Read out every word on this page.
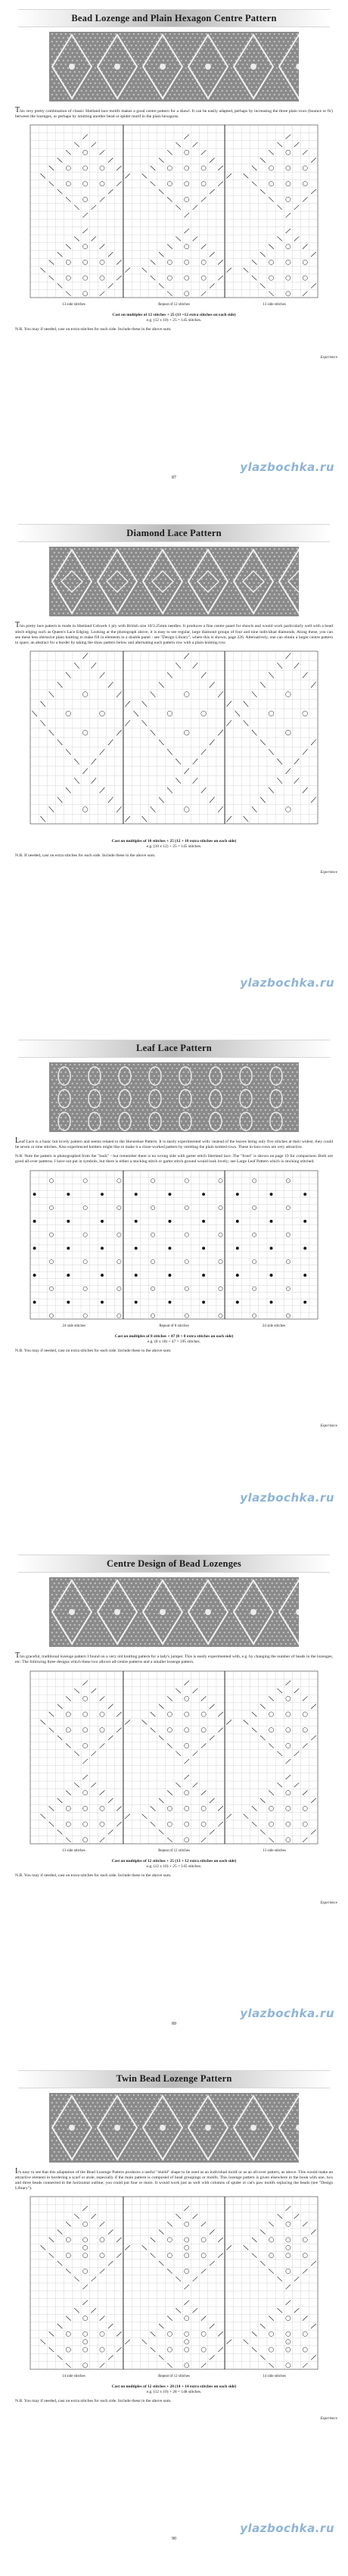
Bead Lozenge and Plain Hexagon Centre Pattern

This very pretty combination of classic Shetland lace motifs makes a good centre pattern for a shawl. It can be easily adapted, perhaps by increasing the three plain rows (bounce or fir) between the lozenges, or perhaps by omitting another bead or spider motif in the plain hexagons.

13 side stitches	Repeat of 12 stitches	13 side stitches
Cast on multiples of 12 stitches + 25 (13 +12 extra stitches on each side)
e.g. (12 x 10) + 25 = 145 stitches.

N.B. You may if needed, cast on extra stitches for each side. Include these in the above sum.

Experience
87
ylazbochka.ru
Diamond Lace Pattern

This pretty lace pattern is made in Shetland Cobweb 1 ply with British size 10/3.25mm needles. It produces a fine centre panel for shawls and would work particularly well with a bead stitch edging such as Queen's Lace Edging. Looking at the photograph above, it is easy to see regular, large diamond groups of four and nine individual diamonds. Along these, you can see these less obtrusive plain knitting to make fill in elements in a double panel - see "Design Library", where this is shown, page 226. Alternatively, one can obtain a larger centre pattern to spare, an abstract for a border by taking the shaw pattern below and alternating each pattern row with a plain knitting row.

Cast on multiples of 10 stitches + 25 (12 + 10 extra stitches on each side)
e.g. (10 x 12) + 25 = 145 stitches.

N.B. If needed, cast on extra stitches for each side. Include these in the above sum.

Experience
ylazbochka.ru
Leaf Lace Pattern

Leaf Lace is a basic but lovely pattern and seems related to the Horseshoe Pattern. It is easily experimented with: instead of the leaves being only five stitches at their widest, they could be seven or nine stitches. Also experienced knitters might like to make it a close-worked pattern by omitting the plain knitted rows. These in-lace rows are very attractive.

N.B. Note the pattern is photographed from the "back" - but remember there is no wrong side with garter stitch Shetland lace. The "front" is shown on page 19 for comparison. Both are good all-over patterns. I have not put in symbols, but there is either a stocking stitch or garter stitch ground would look lovely; see Large Leaf Pattern which is stocking stitched.

24 side stitches	Repeat of 8 stitches	24 side stitches
Cast on multiples of 8 stitches + 47 (8 + 8 extra stitches on each side)
e.g. (8 x 18) + 47 = 195 stitches.

N.B. You may if needed, cast on extra stitches for each side. Include these in the above sum.

Experience
ylazbochka.ru
Centre Design of Bead Lozenges

This graceful, traditional lozenge pattern I found on a very old knitting pattern for a lady's jumper. This is easily experimented with, e.g. by changing the number of beads in the lozenges, etc. The following three designs which these two allover all-centre patterns and a smaller lozenge pattern.

13 side stitches	Repeat of 12 stitches	13 side stitches
Cast on multiples of 12 stitches + 25 (13 + 12 extra stitches on each side)
e.g. (12 x 10) + 25 = 145 stitches.

N.B. You may if needed, cast on extra stitches for each side. Include these in the above sum.

Experience
89
ylazbochka.ru
Twin Bead Lozenge Pattern

It's easy to see that this adaptation of the Bead Lozenge Pattern produces a useful "shield" shape to be used as an individual motif or as an all-over pattern, as above. This would make an attractive element in bordering a scarf or stole, especially if the main pattern is composed of bead groupings or motifs. This lozenge pattern is given elsewhere in the book with one, two and three beads connected in the horizontal outline; you could put four or more. It would work just as well with columns of spider or cat's paw motifs replacing the beads (see "Design Library").

14 side stitches	Repeat of 12 stitches	14 side stitches
Cast on multiples of 12 stitches + 28 (14 + 14 extra stitches on each side)
e.g. (12 x 10) + 28 = 148 stitches.

N.B. You may if needed, cast on extra stitches for each side. Include these in the above sum.

Experience
90
ylazbochka.ru
